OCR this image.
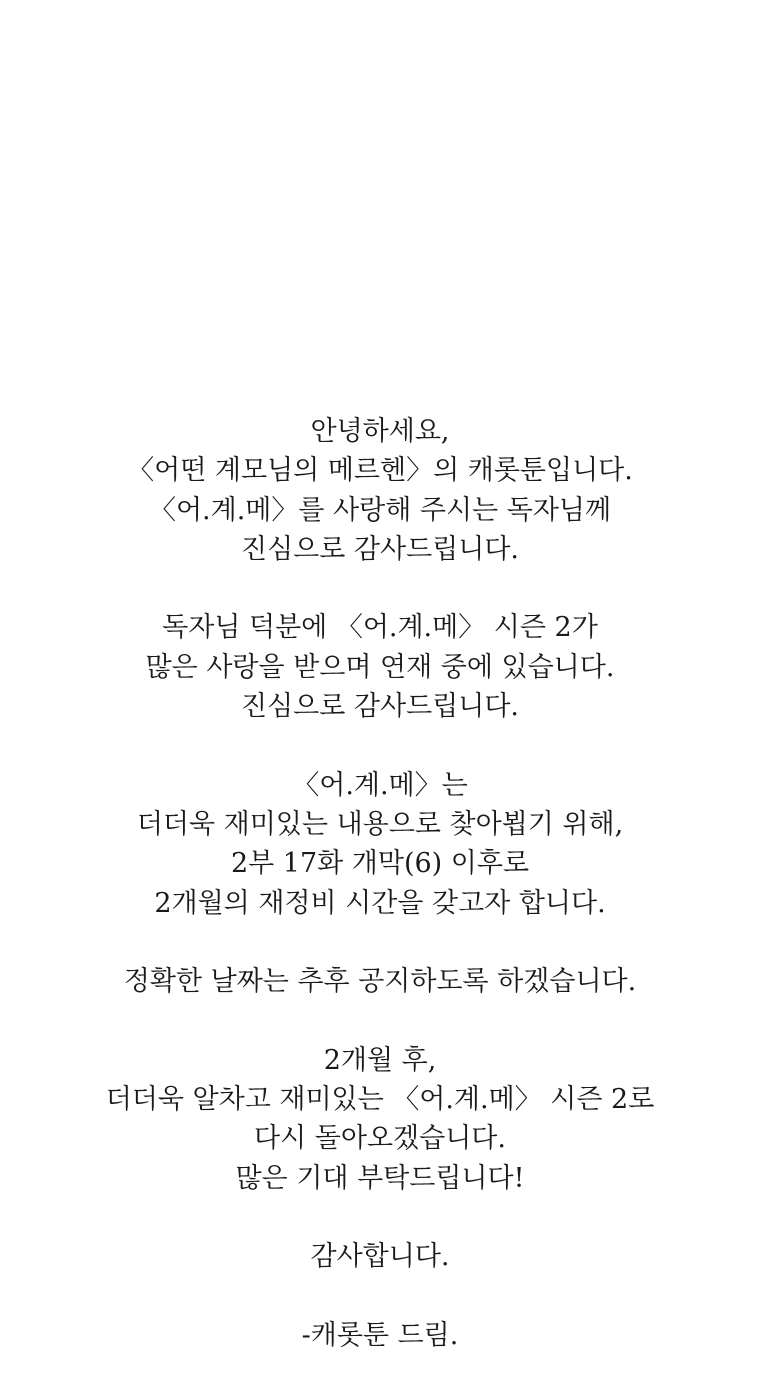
안녕하세요,
〈어떤 계모님의 메르헨〉의 캐롯툰입니다.
〈어.계.메〉를 사랑해 주시는 독자님께
진심으로 감사드립니다.
독자님 덕분에 〈어.계.메〉 시즌 2가
많은 사랑을 받으며 연재 중에 있습니다.
진심으로 감사드립니다.
〈어.계.메〉는
더더욱 재미있는 내용으로 찾아뵙기 위해,
2부 17화 개막(6) 이후로
2개월의 재정비 시간을 갖고자 합니다.
정확한 날짜는 추후 공지하도록 하겠습니다.
2개월 후,
더더욱 알차고 재미있는 〈어.계.메〉 시즌 2로
다시 돌아오겠습니다.
많은 기대 부탁드립니다!
감사합니다.
-캐롯툰 드림.
